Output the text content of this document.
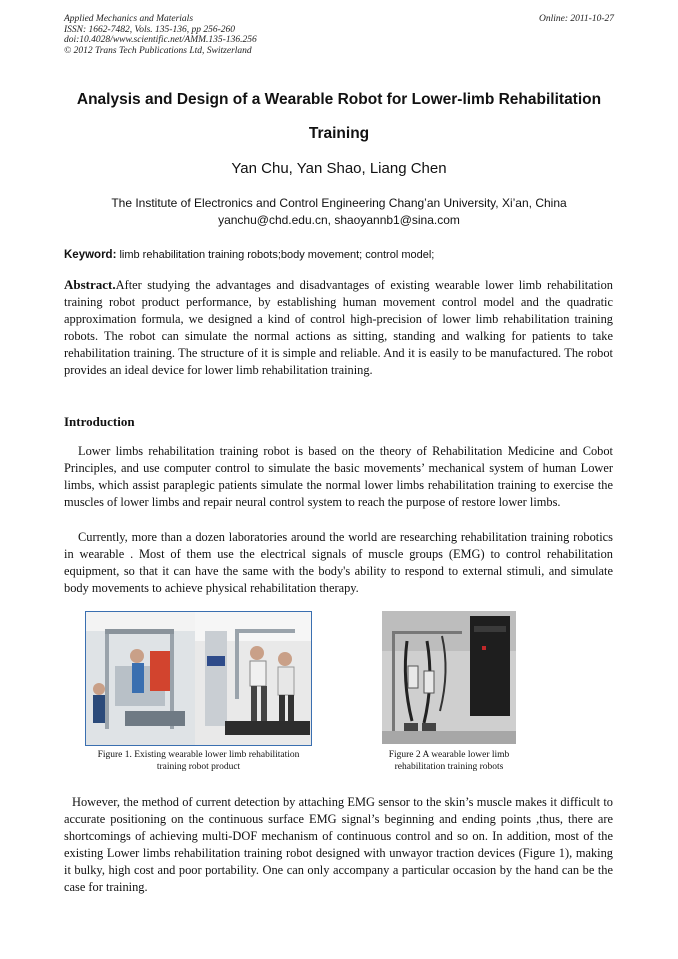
Applied Mechanics and Materials
ISSN: 1662-7482, Vols. 135-136, pp 256-260
doi:10.4028/www.scientific.net/AMM.135-136.256
© 2012 Trans Tech Publications Ltd, Switzerland
Online: 2011-10-27
Analysis and Design of a Wearable Robot for Lower-limb Rehabilitation
Training
Yan Chu, Yan Shao, Liang Chen
The Institute of Electronics and Control Engineering Chang’an University, Xi’an, China
yanchu@chd.edu.cn, shaoyannb1@sina.com
Keyword: limb rehabilitation training robots;body movement; control model;
Abstract.After studying the advantages and disadvantages of existing wearable lower limb rehabilitation training robot product performance, by establishing human movement control model and the quadratic approximation formula, we designed a kind of control high-precision of lower limb rehabilitation training robots. The robot can simulate the normal actions as sitting, standing and walking for patients to take rehabilitation training. The structure of it is simple and reliable. And it is easily to be manufactured. The robot provides an ideal device for lower limb rehabilitation training.
Introduction
Lower limbs rehabilitation training robot is based on the theory of Rehabilitation Medicine and Cobot Principles, and use computer control to simulate the basic movements’ mechanical system of human Lower limbs, which assist paraplegic patients simulate the normal lower limbs rehabilitation training to exercise the muscles of lower limbs and repair neural control system to reach the purpose of restore lower limbs.
Currently, more than a dozen laboratories around the world are researching rehabilitation training robotics in wearable . Most of them use the electrical signals of muscle groups (EMG) to control rehabilitation equipment, so that it can have the same with the body's ability to respond to external stimuli, and simulate body movements to achieve physical rehabilitation therapy.
Figure 1. Existing wearable lower limb rehabilitation
training robot product
Figure 2 A wearable lower limb
rehabilitation training robots
However, the method of current detection by attaching EMG sensor to the skin’s muscle makes it difficult to accurate positioning on the continuous surface EMG signal’s beginning and ending points ,thus, there are shortcomings of achieving multi-DOF mechanism of continuous control and so on. In addition, most of the existing Lower limbs rehabilitation training robot designed with unwayor traction devices (Figure 1), making it bulky, high cost and poor portability. One can only accompany a particular occasion by the hand can be the case for training.
